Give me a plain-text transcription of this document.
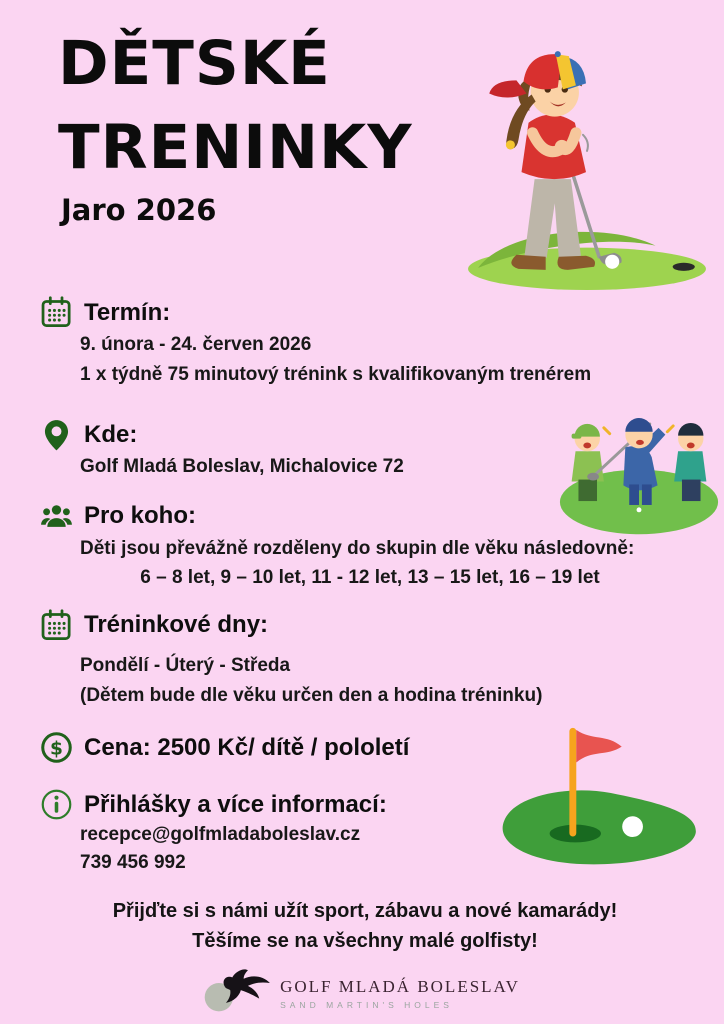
DĚTSKÉ
TRENINKY
Jaro 2026
Termín:

9. února - 24. červen 2026

1 x týdně 75 minutový trénink s kvalifikovaným trenérem

Kde:

Golf Mladá Boleslav, Michalovice 72

Pro koho:

Děti jsou převážně rozděleny do skupin dle věku následovně:

6 – 8 let, 9 – 10 let, 11 - 12 let, 13 – 15 let, 16 – 19 let

Tréninkové dny:

Pondělí - Úterý - Středa

(Dětem bude dle věku určen den a hodina tréninku)

$ Cena: 2500 Kč/ dítě / pololetí
Přihlášky a více informací:

recepce@golfmladaboleslav.cz

739 456 992

Přijďte si s námi užít sport, zábavu a nové kamarády!

Těšíme se na všechny malé golfisty!

GOLF MLADÁ BOLESLAV
SAND MARTIN'S HOLES
